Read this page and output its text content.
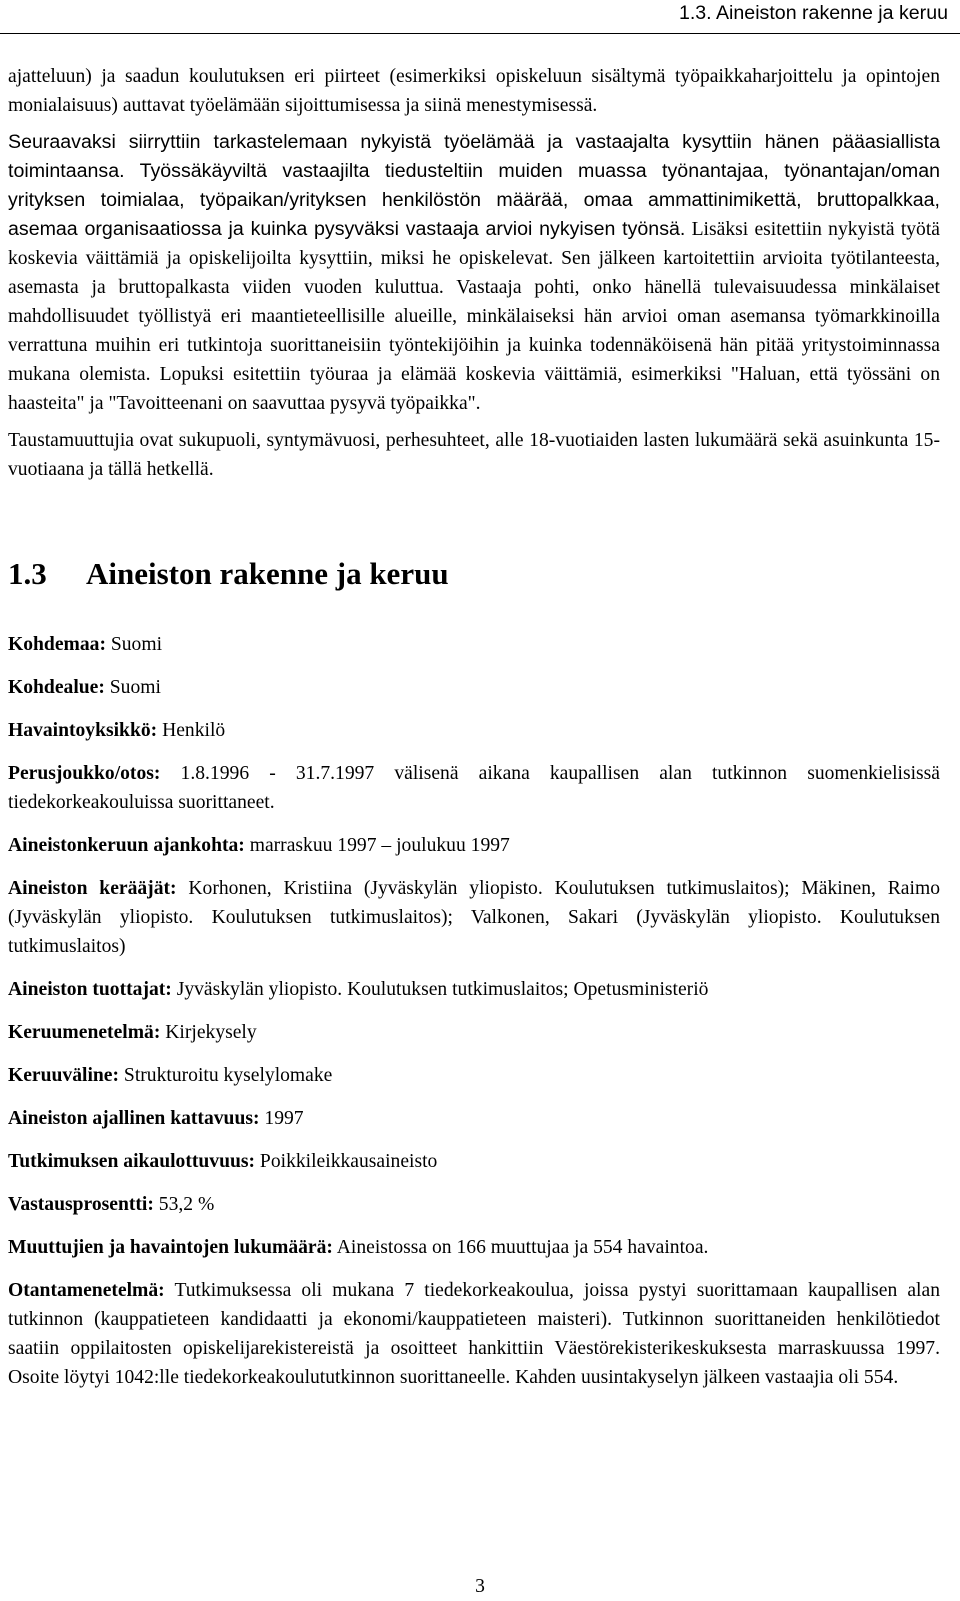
1.3. Aineiston rakenne ja keruu

ajatteluun) ja saadun koulutuksen eri piirteet (esimerkiksi opiskeluun sisältymä työpaikkaharjoittelu ja opintojen monialaisuus) auttavat työelämään sijoittumisessa ja siinä menestymisessä.

Seuraavaksi siirryttiin tarkastelemaan nykyistä työelämää ja vastaajalta kysyttiin hänen pääasiallista toimintaansa. Työssäkäyviltä vastaajilta tiedusteltiin muiden muassa työnantajaa, työnantajan/oman yrityksen toimialaa, työpaikan/yrityksen henkilöstön määrää, omaa ammattinimikettä, bruttopalkkaa, asemaa organisaatiossa ja kuinka pysyväksi vastaaja arvioi nykyisen työnsä. Lisäksi esitettiin nykyistä työtä koskevia väittämiä ja opiskelijoilta kysyttiin, miksi he opiskelevat. Sen jälkeen kartoitettiin arvioita työtilanteesta, asemasta ja bruttopalkasta viiden vuoden kuluttua. Vastaaja pohti, onko hänellä tulevaisuudessa minkälaiset mahdollisuudet työllistyä eri maantieteellisille alueille, minkälaiseksi hän arvioi oman asemansa työmarkkinoilla verrattuna muihin eri tutkintoja suorittaneisiin työntekijöihin ja kuinka todennäköisenä hän pitää yritystoiminnassa mukana olemista. Lopuksi esitettiin työuraa ja elämää koskevia väittämiä, esimerkiksi "Haluan, että työssäni on haasteita" ja "Tavoitteenani on saavuttaa pysyvä työpaikka".

Taustamuuttujia ovat sukupuoli, syntymävuosi, perhesuhteet, alle 18-vuotiaiden lasten lukumäärä sekä asuinkunta 15-vuotiaana ja tällä hetkellä.

1.3 Aineiston rakenne ja keruu

Kohdemaa: Suomi

Kohdealue: Suomi

Havaintoyksikkö: Henkilö

Perusjoukko/otos: 1.8.1996 - 31.7.1997 välisenä aikana kaupallisen alan tutkinnon suomenkielisissä tiedekorkeakouluissa suorittaneet.

Aineistonkeruun ajankohta: marraskuu 1997 – joulukuu 1997

Aineiston kerääjät: Korhonen, Kristiina (Jyväskylän yliopisto. Koulutuksen tutkimuslaitos); Mäkinen, Raimo (Jyväskylän yliopisto. Koulutuksen tutkimuslaitos); Valkonen, Sakari (Jyväskylän yliopisto. Koulutuksen tutkimuslaitos)

Aineiston tuottajat: Jyväskylän yliopisto. Koulutuksen tutkimuslaitos; Opetusministeriö

Keruumenetelmä: Kirjekysely

Keruuväline: Strukturoitu kyselylomake

Aineiston ajallinen kattavuus: 1997

Tutkimuksen aikaulottuvuus: Poikkileikkausaineisto

Vastausprosentti: 53,2 %

Muuttujien ja havaintojen lukumäärä: Aineistossa on 166 muuttujaa ja 554 havaintoa.

Otantamenetelmä: Tutkimuksessa oli mukana 7 tiedekorkeakoulua, joissa pystyi suorittamaan kaupallisen alan tutkinnon (kauppatieteen kandidaatti ja ekonomi/kauppatieteen maisteri). Tutkinnon suorittaneiden henkilötiedot saatiin oppilaitosten opiskelijarekistereistä ja osoitteet hankittiin Väestörekisterikeskuksesta marraskuussa 1997. Osoite löytyi 1042:lle tiedekorkeakoulututkinnon suorittaneelle. Kahden uusintakyselyn jälkeen vastaajia oli 554.

3
